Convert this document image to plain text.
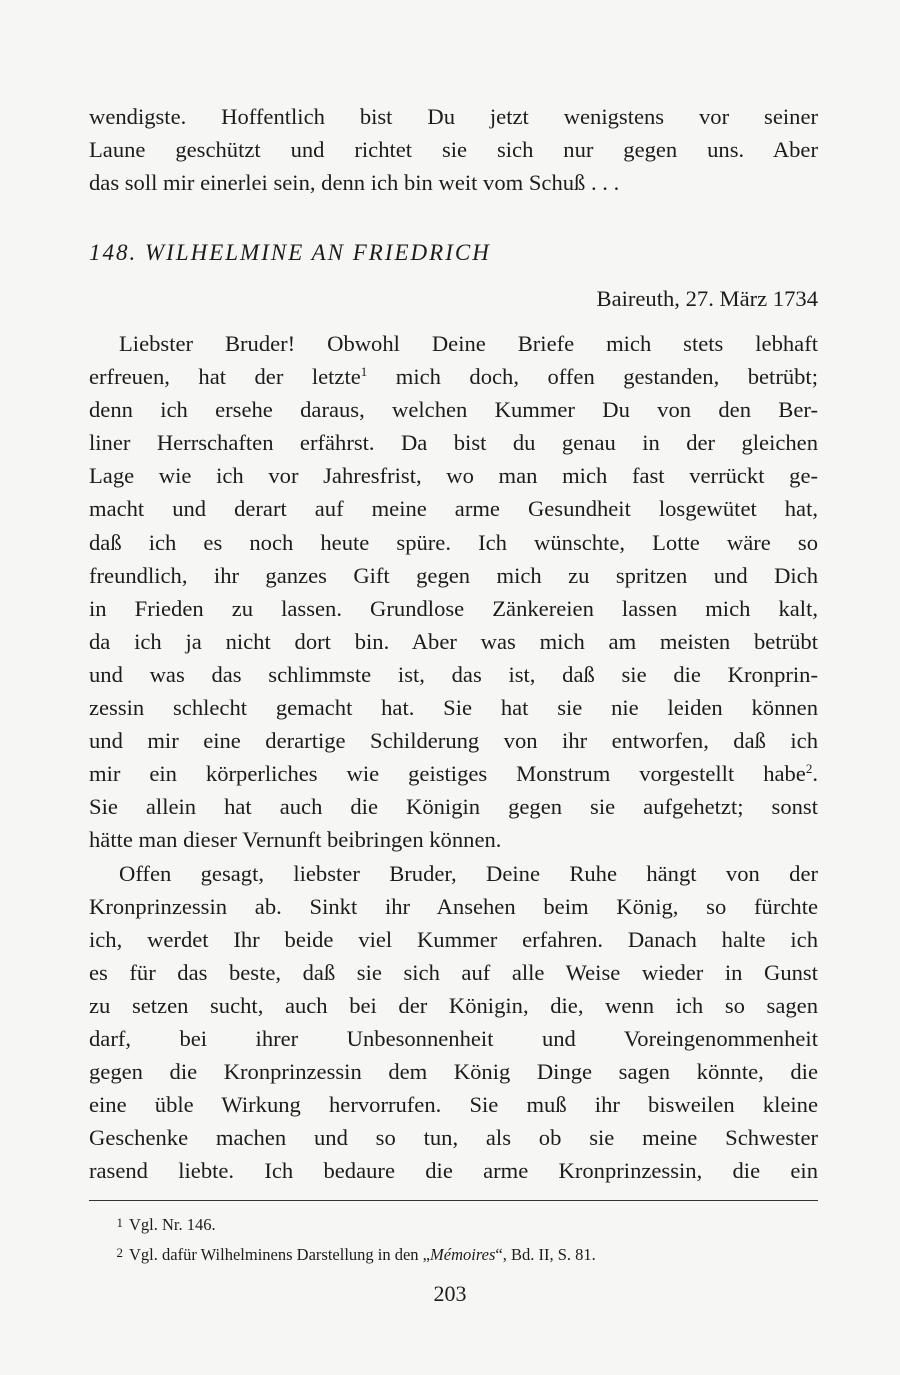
wendigste. Hoffentlich bist Du jetzt wenigstens vor seiner
Laune geschützt und richtet sie sich nur gegen uns. Aber
das soll mir einerlei sein, denn ich bin weit vom Schuß . . .
148. WILHELMINE AN FRIEDRICH
Baireuth, 27. März 1734
Liebster Bruder! Obwohl Deine Briefe mich stets lebhaft
erfreuen, hat der letzte$^1$ mich doch, offen gestanden, betrübt;
denn ich ersehe daraus, welchen Kummer Du von den Ber-
liner Herrschaften erfährst. Da bist du genau in der gleichen
Lage wie ich vor Jahresfrist, wo man mich fast verrückt ge-
macht und derart auf meine arme Gesundheit losgewütet hat,
daß ich es noch heute spüre. Ich wünschte, Lotte wäre so
freundlich, ihr ganzes Gift gegen mich zu spritzen und Dich
in Frieden zu lassen. Grundlose Zänkereien lassen mich kalt,
da ich ja nicht dort bin. Aber was mich am meisten betrübt
und was das schlimmste ist, das ist, daß sie die Kronprin-
zessin schlecht gemacht hat. Sie hat sie nie leiden können
und mir eine derartige Schilderung von ihr entworfen, daß ich
mir ein körperliches wie geistiges Monstrum vorgestellt habe$^2$.
Sie allein hat auch die Königin gegen sie aufgehetzt; sonst
hätte man dieser Vernunft beibringen können.
Offen gesagt, liebster Bruder, Deine Ruhe hängt von der
Kronprinzessin ab. Sinkt ihr Ansehen beim König, so fürchte
ich, werdet Ihr beide viel Kummer erfahren. Danach halte ich
es für das beste, daß sie sich auf alle Weise wieder in Gunst
zu setzen sucht, auch bei der Königin, die, wenn ich so sagen
darf, bei ihrer Unbesonnenheit und Voreingenommenheit
gegen die Kronprinzessin dem König Dinge sagen könnte, die
eine üble Wirkung hervorrufen. Sie muß ihr bisweilen kleine
Geschenke machen und so tun, als ob sie meine Schwester
rasend liebte. Ich bedaure die arme Kronprinzessin, die ein
1 Vgl. Nr. 146.
2 Vgl. dafür Wilhelminens Darstellung in den „Mémoires“, Bd. II, S. 81.
203
